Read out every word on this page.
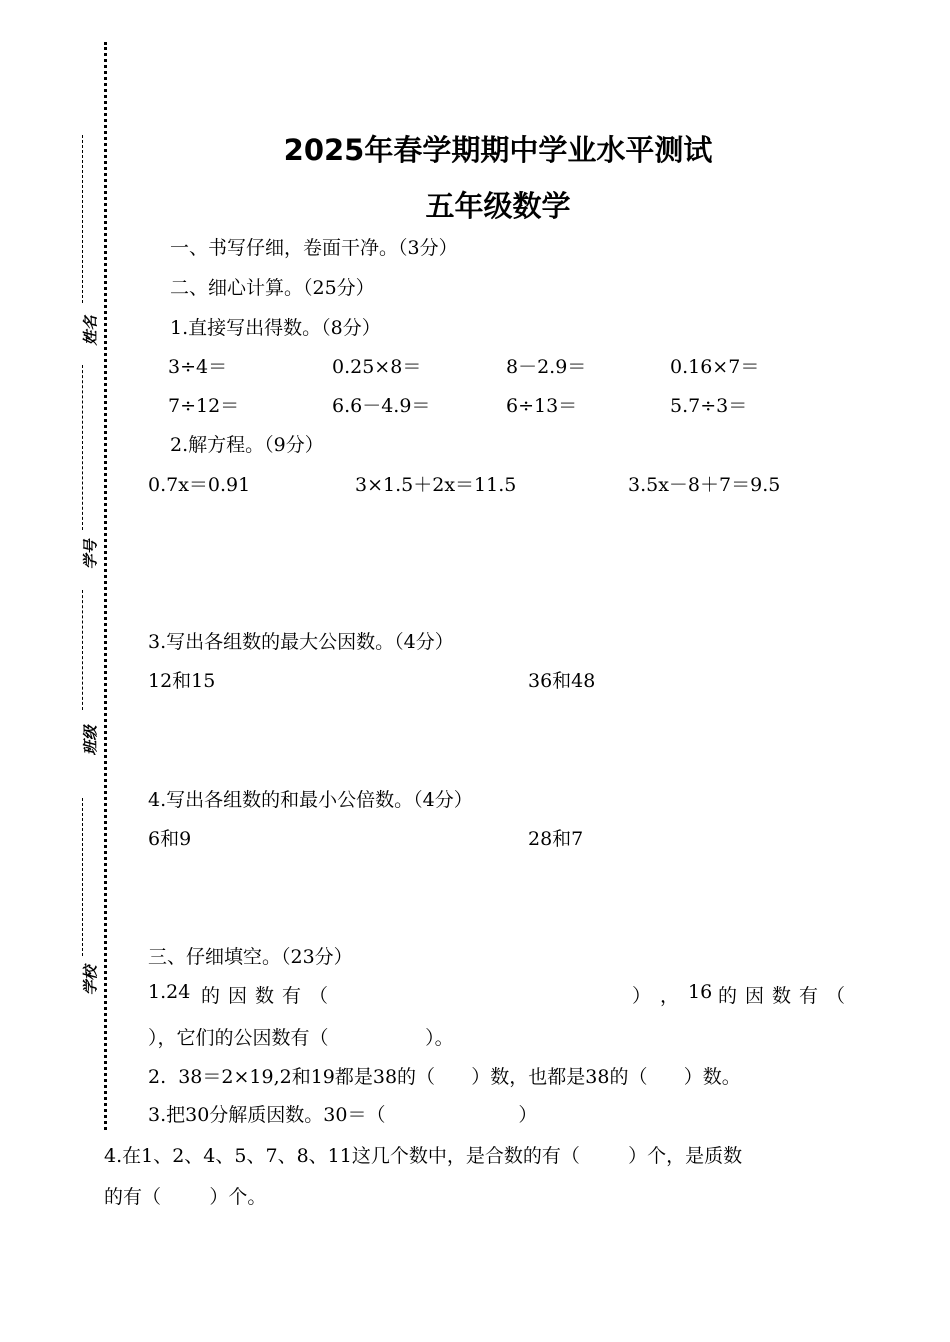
姓名
学号
班级
学校
2025年春学期期中学业水平测试
五年级数学
一、书写仔细，卷面干净。（3分）
二、细心计算。（25分）
1.直接写出得数。（8分）
3÷4＝	0.25×8＝	8－2.9＝	0.16×7＝
7÷12＝	6.6－4.9＝	6÷13＝	5.7÷3＝
2.解方程。（9分）
0.7x＝0.91	3×1.5＋2x＝11.5	3.5x－8＋7＝9.5
3.写出各组数的最大公因数。（4分）
12和15	36和48
4.写出各组数的和最小公倍数。（4分）
6和9	28和7
三、仔细填空。（23分）
1.24 的 因 数 有 （	） ， 16 的 因 数 有 （
），它们的公因数有（                ）。
2.  38＝2×19,2和19都是38的（      ）数，也都是38的（      ）数。
3.把30分解质因数。30＝（                      ）
4.在1、2、4、5、7、8、11这几个数中，是合数的有（        ）个，是质数
的有（        ）个。
